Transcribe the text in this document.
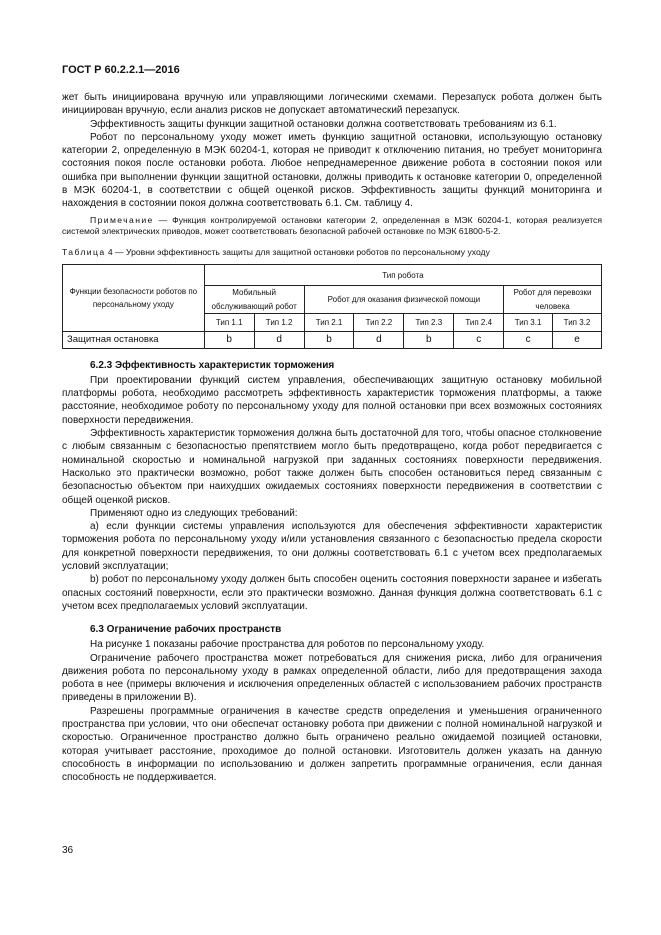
ГОСТ Р 60.2.2.1—2016

жет быть инициирована вручную или управляющими логическими схемами. Перезапуск робота должен быть инициирован вручную, если анализ рисков не допускает автоматический перезапуск.

Эффективность защиты функции защитной остановки должна соответствовать требованиям из 6.1.

Робот по персональному уходу может иметь функцию защитной остановки, использующую остановку категории 2, определенную в МЭК 60204-1, которая не приводит к отключению питания, но требует мониторинга состояния покоя после остановки робота. Любое непреднамеренное движение робота в состоянии покоя или ошибка при выполнении функции защитной остановки, должны приводить к остановке категории 0, определенной в МЭК 60204-1, в соответствии с общей оценкой рисков. Эффективность защиты функций мониторинга и нахождения в состоянии покоя должна соответствовать 6.1. См. таблицу 4.

Примечание — Функция контролируемой остановки категории 2, определенная в МЭК 60204-1, которая реализуется системой электрических приводов, может соответствовать безопасной рабочей остановке по МЭК 61800-5-2.

Таблица 4 — Уровни эффективность защиты для защитной остановки роботов по персональному уходу

Функции безопасности роботов по персональному уходу	Тип робота							
	Мобильный обслуживающий робот		Робот для оказания физической помощи				Робот для перевозки человека	
	Тип 1.1	Тип 1.2	Тип 2.1	Тип 2.2	Тип 2.3	Тип 2.4	Тип 3.1	Тип 3.2
Защитная остановка	b	d	b	d	b	c	c	e
6.2.3 Эффективность характеристик торможения

При проектировании функций систем управления, обеспечивающих защитную остановку мобильной платформы робота, необходимо рассмотреть эффективность характеристик торможения платформы, а также расстояние, необходимое роботу по персональному уходу для полной остановки при всех возможных состояниях поверхности передвижения.

Эффективность характеристик торможения должна быть достаточной для того, чтобы опасное столкновение с любым связанным с безопасностью препятствием могло быть предотвращено, когда робот передвигается с номинальной скоростью и номинальной нагрузкой при заданных состояниях поверхности передвижения. Насколько это практически возможно, робот также должен быть способен остановиться перед связанным с безопасностью объектом при наихудших ожидаемых состояниях поверхности передвижения в соответствии с общей оценкой рисков.

Применяют одно из следующих требований:

а) если функции системы управления используются для обеспечения эффективности характеристик торможения робота по персональному уходу и/или установления связанного с безопасностью предела скорости для конкретной поверхности передвижения, то они должны соответствовать 6.1 с учетом всех предполагаемых условий эксплуатации;

b) робот по персональному уходу должен быть способен оценить состояния поверхности заранее и избегать опасных состояний поверхности, если это практически возможно. Данная функция должна соответствовать 6.1 с учетом всех предполагаемых условий эксплуатации.

6.3 Ограничение рабочих пространств

На рисунке 1 показаны рабочие пространства для роботов по персональному уходу.

Ограничение рабочего пространства может потребоваться для снижения риска, либо для ограничения движения робота по персональному уходу в рамках определенной области, либо для предотвращения захода робота в нее (примеры включения и исключения определенных областей с использованием рабочих пространств приведены в приложении В).

Разрешены программные ограничения в качестве средств определения и уменьшения ограниченного пространства при условии, что они обеспечат остановку робота при движении с полной номинальной нагрузкой и скоростью. Ограниченное пространство должно быть ограничено реально ожидаемой позицией остановки, которая учитывает расстояние, проходимое до полной остановки. Изготовитель должен указать на данную способность в информации по использованию и должен запретить программные ограничения, если данная способность не поддерживается.

36
